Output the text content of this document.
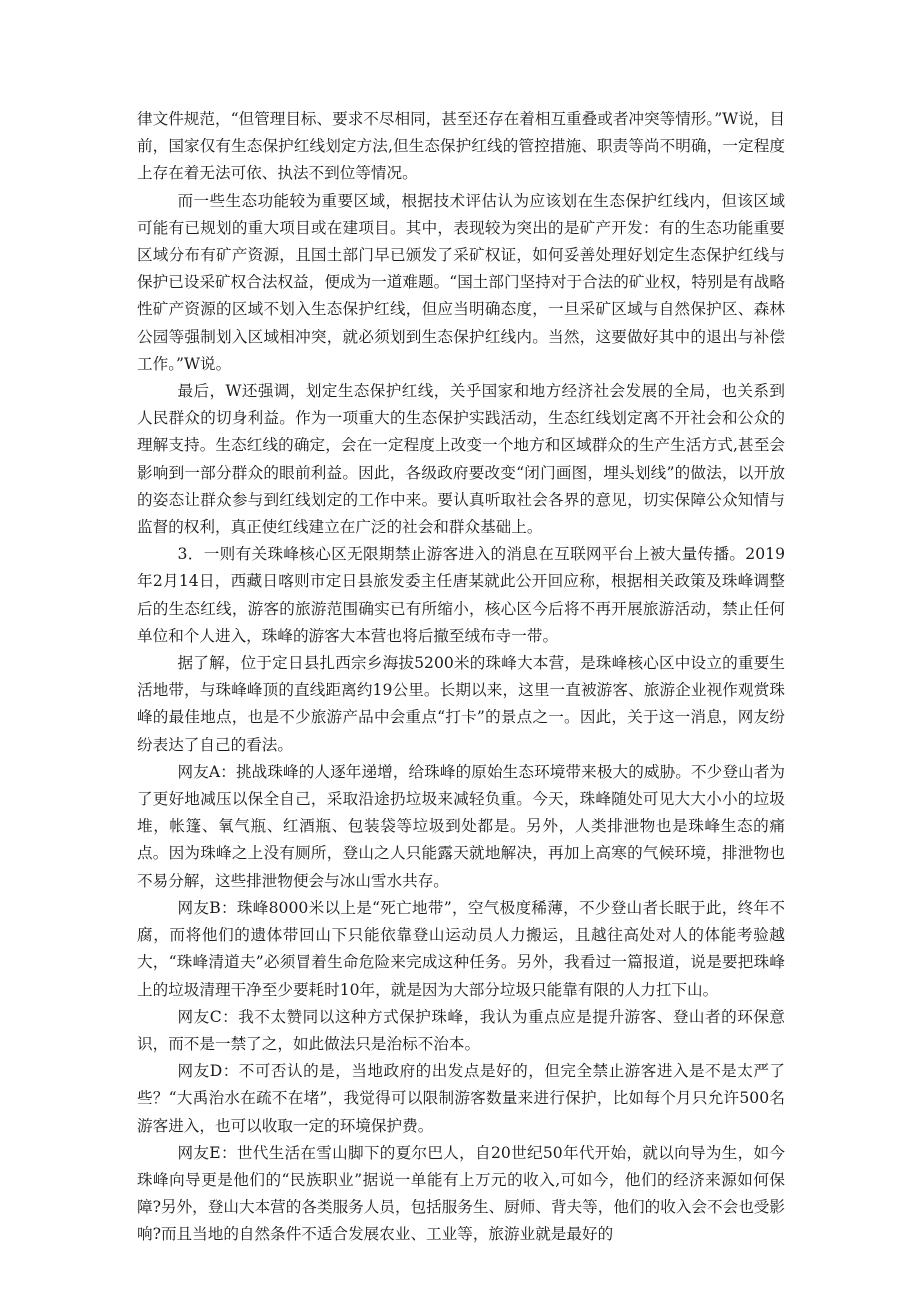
律文件规范，“但管理目标、要求不尽相同，甚至还存在着相互重叠或者冲突等情形。”W说，目前，国家仅有生态保护红线划定方法,但生态保护红线的管控措施、职责等尚不明确，一定程度上存在着无法可依、执法不到位等情况。

而一些生态功能较为重要区域，根据技术评估认为应该划在生态保护红线内，但该区域可能有已规划的重大项目或在建项目。其中，表现较为突出的是矿产开发：有的生态功能重要区域分布有矿产资源，且国土部门早已颁发了采矿权证，如何妥善处理好划定生态保护红线与保护已设采矿权合法权益，便成为一道难题。“国土部门坚持对于合法的矿业权，特别是有战略性矿产资源的区域不划入生态保护红线，但应当明确态度，一旦采矿区域与自然保护区、森林公园等强制划入区域相冲突，就必须划到生态保护红线内。当然，这要做好其中的退出与补偿工作。”W说。

最后，W还强调，划定生态保护红线，关乎国家和地方经济社会发展的全局，也关系到人民群众的切身利益。作为一项重大的生态保护实践活动，生态红线划定离不开社会和公众的理解支持。生态红线的确定，会在一定程度上改变一个地方和区域群众的生产生活方式,甚至会影响到一部分群众的眼前利益。因此，各级政府要改变“闭门画图，埋头划线”的做法，以开放的姿态让群众参与到红线划定的工作中来。要认真听取社会各界的意见，切实保障公众知情与监督的权利，真正使红线建立在广泛的社会和群众基础上。

3．一则有关珠峰核心区无限期禁止游客进入的消息在互联网平台上被大量传播。2019年2月14日，西藏日喀则市定日县旅发委主任唐某就此公开回应称，根据相关政策及珠峰调整后的生态红线，游客的旅游范围确实已有所缩小，核心区今后将不再开展旅游活动，禁止任何单位和个人进入，珠峰的游客大本营也将后撤至绒布寺一带。

据了解，位于定日县扎西宗乡海拔5200米的珠峰大本营，是珠峰核心区中设立的重要生活地带，与珠峰峰顶的直线距离约19公里。长期以来，这里一直被游客、旅游企业视作观赏珠峰的最佳地点，也是不少旅游产品中会重点“打卡”的景点之一。因此，关于这一消息，网友纷纷表达了自己的看法。

网友A：挑战珠峰的人逐年递增，给珠峰的原始生态环境带来极大的威胁。不少登山者为了更好地减压以保全自己，采取沿途扔垃圾来减轻负重。今天，珠峰随处可见大大小小的垃圾堆，帐篷、氧气瓶、红酒瓶、包装袋等垃圾到处都是。另外，人类排泄物也是珠峰生态的痛点。因为珠峰之上没有厕所，登山之人只能露天就地解决，再加上高寒的气候环境，排泄物也不易分解，这些排泄物便会与冰山雪水共存。

网友B：珠峰8000米以上是“死亡地带”，空气极度稀薄，不少登山者长眠于此，终年不腐，而将他们的遗体带回山下只能依靠登山运动员人力搬运，且越往高处对人的体能考验越大，“珠峰清道夫”必须冒着生命危险来完成这种任务。另外，我看过一篇报道，说是要把珠峰上的垃圾清理干净至少要耗时10年，就是因为大部分垃圾只能靠有限的人力扛下山。

网友C：我不太赞同以这种方式保护珠峰，我认为重点应是提升游客、登山者的环保意识，而不是一禁了之，如此做法只是治标不治本。

网友D：不可否认的是，当地政府的出发点是好的，但完全禁止游客进入是不是太严了些？“大禹治水在疏不在堵”，我觉得可以限制游客数量来进行保护，比如每个月只允许500名游客进入，也可以收取一定的环境保护费。

网友E：世代生活在雪山脚下的夏尔巴人，自20世纪50年代开始，就以向导为生，如今珠峰向导更是他们的“民族职业”据说一单能有上万元的收入,可如今，他们的经济来源如何保障?另外，登山大本营的各类服务人员，包括服务生、厨师、背夫等，他们的收入会不会也受影响?而且当地的自然条件不适合发展农业、工业等，旅游业就是最好的
